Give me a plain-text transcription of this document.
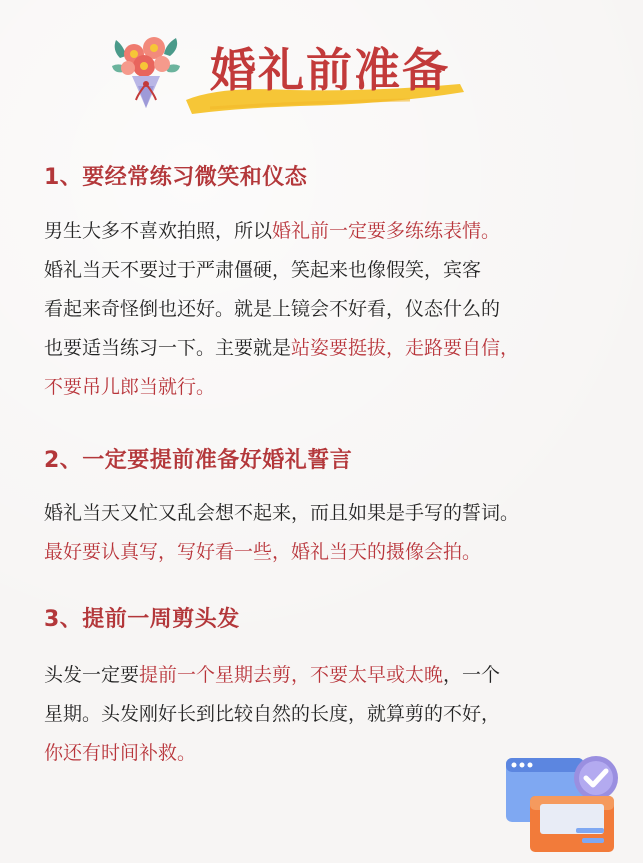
婚礼前准备
1、要经常练习微笑和仪态
男生大多不喜欢拍照，所以婚礼前一定要多练练表情。
婚礼当天不要过于严肃僵硬，笑起来也像假笑，宾客
看起来奇怪倒也还好。就是上镜会不好看，仪态什么的
也要适当练习一下。主要就是站姿要挺拔，走路要自信，
不要吊儿郎当就行。
2、一定要提前准备好婚礼誓言
婚礼当天又忙又乱会想不起来，而且如果是手写的誓词。
最好要认真写，写好看一些，婚礼当天的摄像会拍。
3、提前一周剪头发
头发一定要提前一个星期去剪，不要太早或太晚，一个
星期。头发刚好长到比较自然的长度，就算剪的不好，
你还有时间补救。
